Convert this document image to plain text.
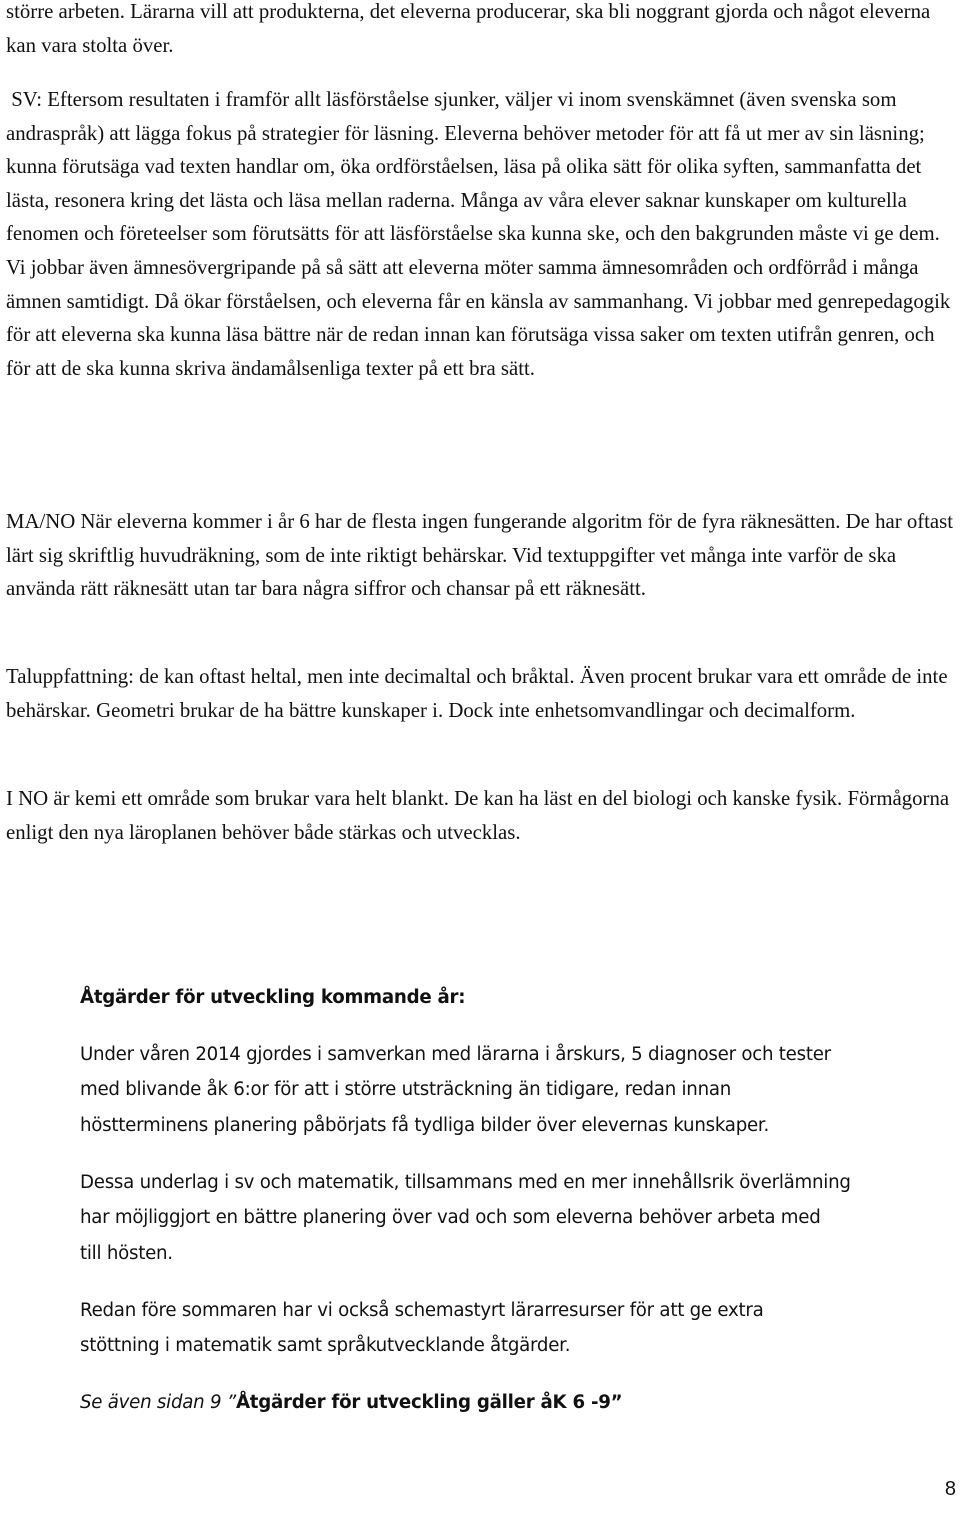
större arbeten. Lärarna vill att produkterna, det eleverna producerar, ska bli noggrant gjorda och något eleverna kan vara stolta över.

SV: Eftersom resultaten i framför allt läsförståelse sjunker, väljer vi inom svenskämnet (även svenska som andraspråk) att lägga fokus på strategier för läsning. Eleverna behöver metoder för att få ut mer av sin läsning; kunna förutsäga vad texten handlar om, öka ordförståelsen, läsa på olika sätt för olika syften, sammanfatta det lästa, resonera kring det lästa och läsa mellan raderna. Många av våra elever saknar kunskaper om kulturella fenomen och företeelser som förutsätts för att läsförståelse ska kunna ske, och den bakgrunden måste vi ge dem.
Vi jobbar även ämnesövergripande på så sätt att eleverna möter samma ämnesområden och ordförråd i många ämnen samtidigt. Då ökar förståelsen, och eleverna får en känsla av sammanhang. Vi jobbar med genrepedagogik för att eleverna ska kunna läsa bättre när de redan innan kan förutsäga vissa saker om texten utifrån genren, och för att de ska kunna skriva ändamålsenliga texter på ett bra sätt.

MA/NO När eleverna kommer i år 6 har de flesta ingen fungerande algoritm för de fyra räknesätten. De har oftast lärt sig skriftlig huvudräkning, som de inte riktigt behärskar. Vid textuppgifter vet många inte varför de ska använda rätt räknesätt utan tar bara några siffror och chansar på ett räknesätt.

Taluppfattning: de kan oftast heltal, men inte decimaltal och bråktal. Även procent brukar vara ett område de inte behärskar. Geometri brukar de ha bättre kunskaper i. Dock inte enhetsomvandlingar och decimalform.

I NO är kemi ett område som brukar vara helt blankt. De kan ha läst en del biologi och kanske fysik. Förmågorna enligt den nya läroplanen behöver både stärkas och utvecklas.

Åtgärder för utveckling kommande år:

Under våren 2014 gjordes i samverkan med lärarna i årskurs, 5 diagnoser och tester
med blivande åk 6:or för att i större utsträckning än tidigare, redan innan
höstterminens planering påbörjats få tydliga bilder över elevernas kunskaper.

Dessa underlag i sv och matematik, tillsammans med en mer innehållsrik överlämning
har möjliggjort en bättre planering över vad och som eleverna behöver arbeta med
till hösten.

Redan före sommaren har vi också schemastyrt lärarresurser för att ge extra
stöttning i matematik samt språkutvecklande åtgärder.

Se även sidan 9 ”Åtgärder för utveckling gäller åK 6 -9”

8
